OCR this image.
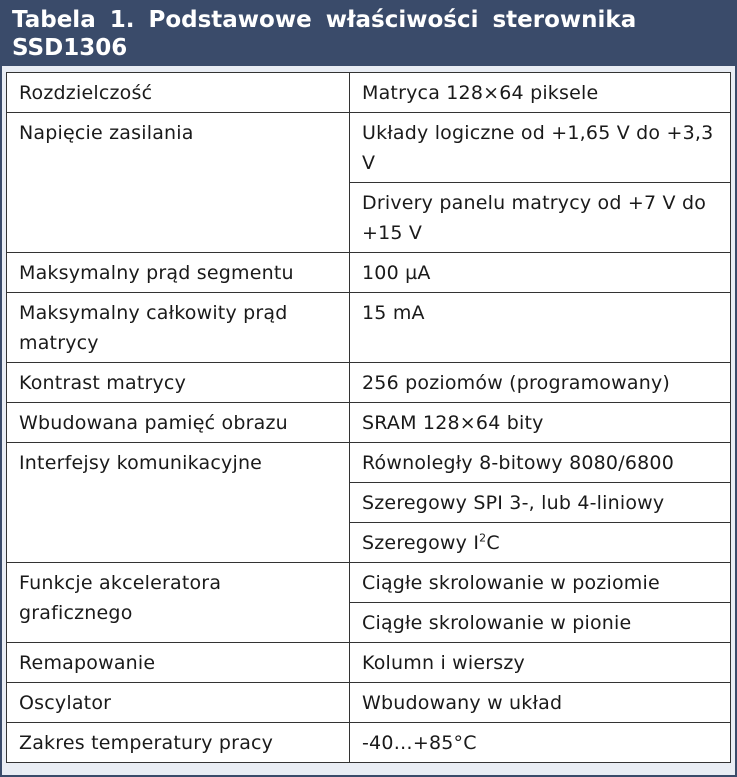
Tabela 1. Podstawowe właściwości sterownika
SSD1306
Rozdzielczość	Matryca 128×64 piksele
Napięcie zasilania	Układy logiczne od +1,65 V do +3,3 V
	Drivery panelu matrycy od +7 V do +15 V
Maksymalny prąd segmentu	100 µA
Maksymalny całkowity prąd matrycy	15 mA
Kontrast matrycy	256 poziomów (programowany)
Wbudowana pamięć obrazu	SRAM 128×64 bity
Interfejsy komunikacyjne	Równoległy 8-bitowy 8080/6800
	Szeregowy SPI 3-, lub 4-liniowy
	Szeregowy $I^2C$
Funkcje akceleratora graficznego	Ciągłe skrolowanie w poziomie
	Ciągłe skrolowanie w pionie
Remapowanie	Kolumn i wierszy
Oscylator	Wbudowany w układ
Zakres temperatury pracy	-40…+85°C
